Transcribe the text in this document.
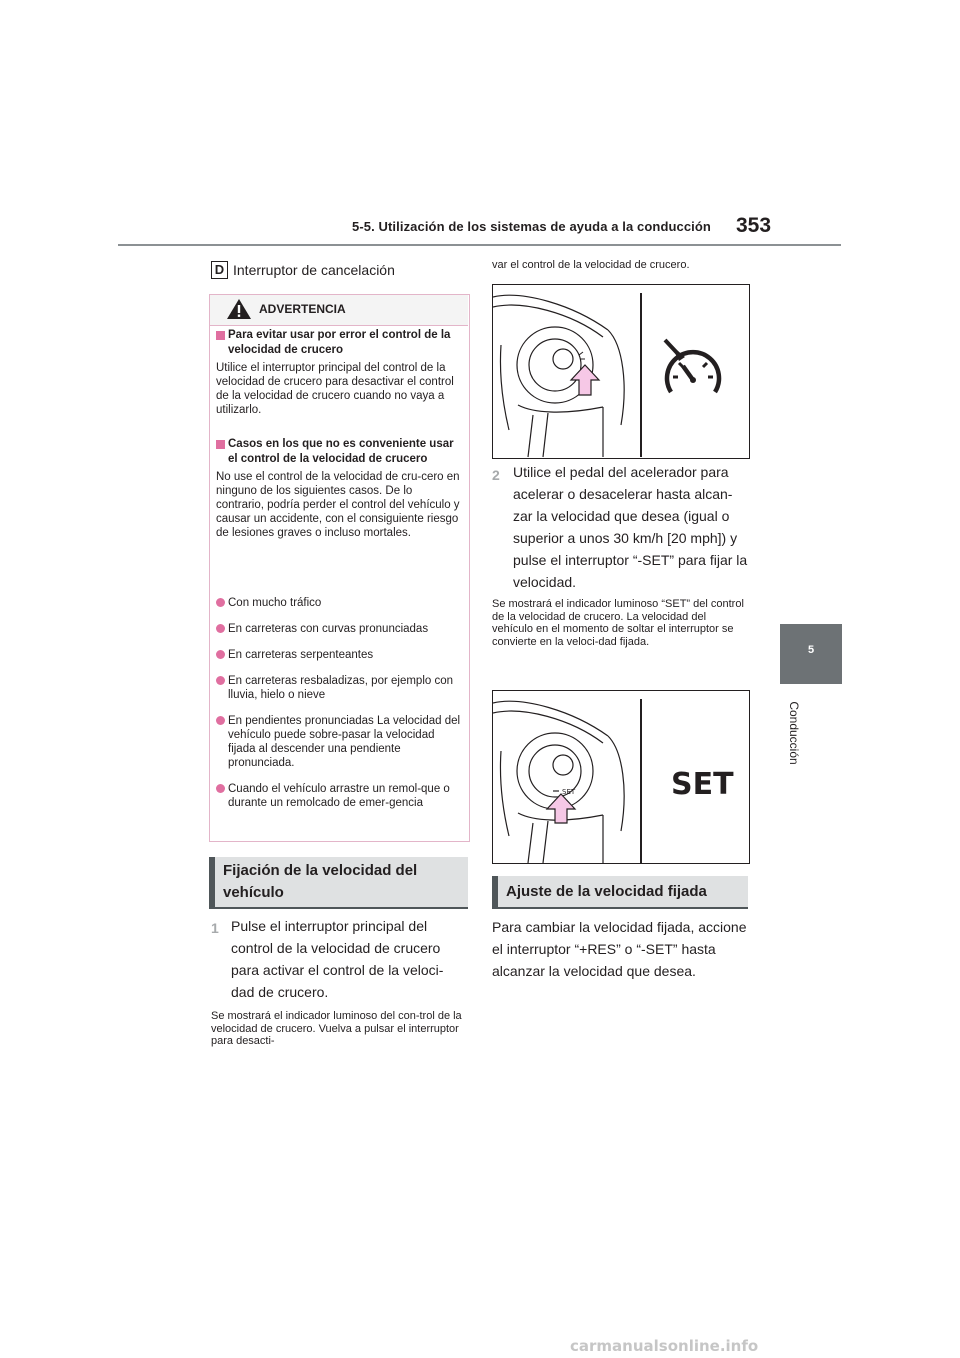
5-5. Utilización de los sistemas de ayuda a la conducción 353
5
Conducción
D Interruptor de cancelación
ADVERTENCIA
Para evitar usar por error el control de la velocidad de crucero
Utilice el interruptor principal del control de la velocidad de crucero para desactivar el control de la velocidad de crucero cuando no vaya a utilizarlo.
Casos en los que no es conveniente usar el control de la velocidad de crucero
No use el control de la velocidad de cru-cero en ninguno de los siguientes casos. De lo contrario, podría perder el control del vehículo y causar un accidente, con el consiguiente riesgo de lesiones graves o incluso mortales.
Con mucho tráfico
En carreteras con curvas pronunciadas
En carreteras serpenteantes
En carreteras resbaladizas, por ejemplo con lluvia, hielo o nieve
En pendientes pronunciadas La velocidad del vehículo puede sobre-pasar la velocidad fijada al descender una pendiente pronunciada.
Cuando el vehículo arrastre un remol-que o durante un remolcado de emer-gencia
Fijación de la velocidad del vehículo
1 Pulse el interruptor principal del control de la velocidad de crucero para activar el control de la veloci-dad de crucero.
Se mostrará el indicador luminoso del con-trol de la velocidad de crucero. Vuelva a pulsar el interruptor para desacti-
var el control de la velocidad de crucero.
2 Utilice el pedal del acelerador para acelerar o desacelerar hasta alcan-zar la velocidad que desea (igual o superior a unos 30 km/h [20 mph]) y pulse el interruptor “-SET” para fijar la velocidad.
Se mostrará el indicador luminoso “SET” del control de la velocidad de crucero. La velocidad del vehículo en el momento de soltar el interruptor se convierte en la veloci-dad fijada.
SET	SET
Ajuste de la velocidad fijada
Para cambiar la velocidad fijada, accione el interruptor “+RES” o “-SET” hasta alcanzar la velocidad que desea.
carmanualsonline.info
